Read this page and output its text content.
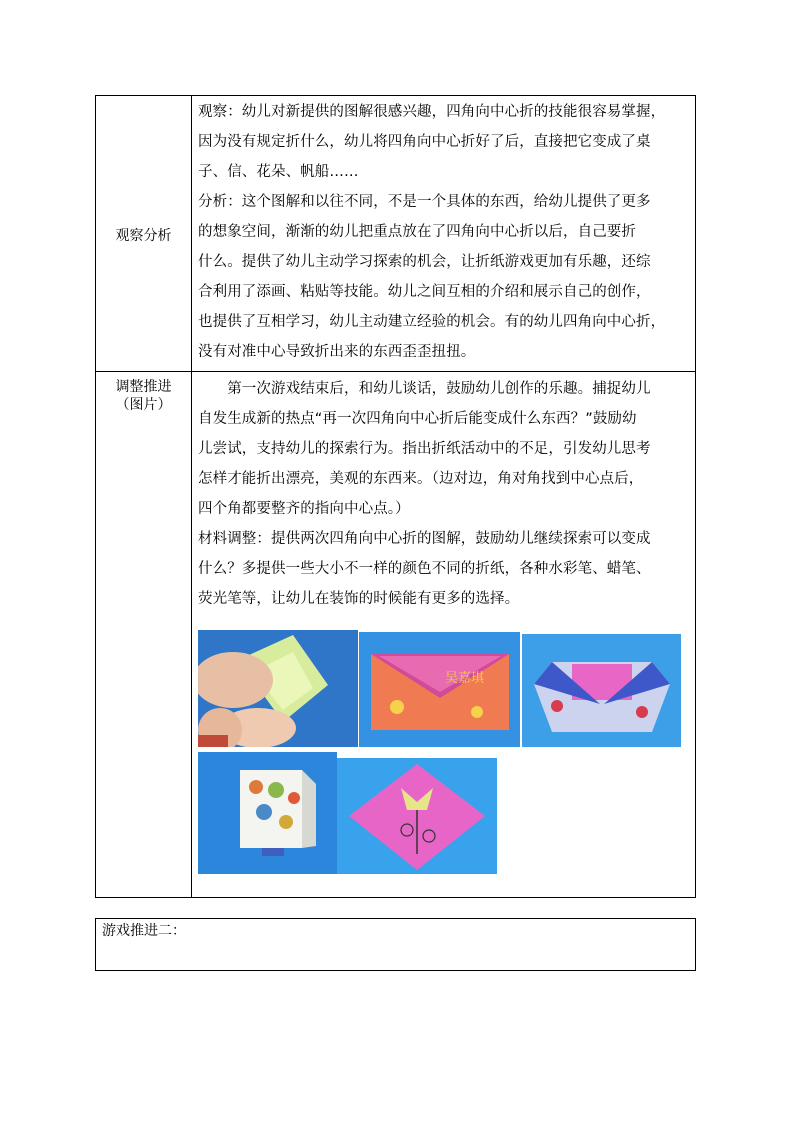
观察分析
观察：幼儿对新提供的图解很感兴趣，四角向中心折的技能很容易掌握，
因为没有规定折什么，幼儿将四角向中心折好了后，直接把它变成了桌
子、信、花朵、帆船……
分析：这个图解和以往不同，不是一个具体的东西，给幼儿提供了更多
的想象空间，渐渐的幼儿把重点放在了四角向中心折以后，自己要折
什么。提供了幼儿主动学习探索的机会，让折纸游戏更加有乐趣，还综
合利用了添画、粘贴等技能。幼儿之间互相的介绍和展示自己的创作，
也提供了互相学习，幼儿主动建立经验的机会。有的幼儿四角向中心折，
没有对准中心导致折出来的东西歪歪扭扭。
调整推进
（图片）
　　第一次游戏结束后，和幼儿谈话，鼓励幼儿创作的乐趣。捕捉幼儿
自发生成新的热点“再一次四角向中心折后能变成什么东西？”鼓励幼
儿尝试，支持幼儿的探索行为。指出折纸活动中的不足，引发幼儿思考
怎样才能折出漂亮，美观的东西来。（边对边，角对角找到中心点后，
四个角都要整齐的指向中心点。）
材料调整：提供两次四角向中心折的图解，鼓励幼儿继续探索可以变成
什么？多提供一些大小不一样的颜色不同的折纸，各种水彩笔、蜡笔、
荧光笔等，让幼儿在装饰的时候能有更多的选择。
吴嘉琪
游戏推进二：
